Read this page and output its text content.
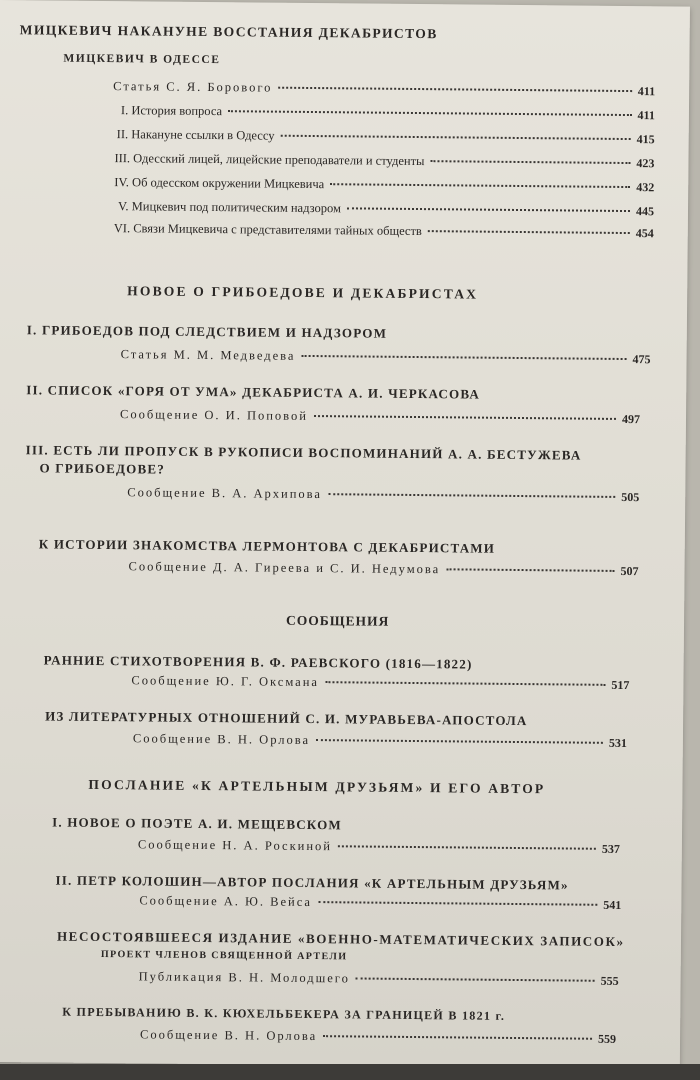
МИЦКЕВИЧ НАКАНУНЕ ВОССТАНИЯ ДЕКАБРИСТОВ
МИЦКЕВИЧ В ОДЕССЕ
Статья С. Я. Борового	411
I. История вопроса	411
II. Накануне ссылки в Одессу	415
III. Одесский лицей, лицейские преподаватели и студенты	423
IV. Об одесском окружении Мицкевича	432
V. Мицкевич под политическим надзором	445
VI. Связи Мицкевича с представителями тайных обществ	454
НОВОЕ О ГРИБОЕДОВЕ И ДЕКАБРИСТАХ
I. ГРИБОЕДОВ ПОД СЛЕДСТВИЕМ И НАДЗОРОМ
Статья М. М. Медведева	475
II. СПИСОК «ГОРЯ ОТ УМА» ДЕКАБРИСТА А. И. ЧЕРКАСОВА
Сообщение О. И. Поповой	497
III. ЕСТЬ ЛИ ПРОПУСК В РУКОПИСИ ВОСПОМИНАНИЙ А. А. БЕСТУЖЕВА
О ГРИБОЕДОВЕ?
Сообщение В. А. Архипова	505
К ИСТОРИИ ЗНАКОМСТВА ЛЕРМОНТОВА С ДЕКАБРИСТАМИ
Сообщение Д. А. Гиреева и С. И. Недумова	507
СООБЩЕНИЯ
РАННИЕ СТИХОТВОРЕНИЯ В. Ф. РАЕВСКОГО (1816—1822)
Сообщение Ю. Г. Оксмана	517
ИЗ ЛИТЕРАТУРНЫХ ОТНОШЕНИЙ С. И. МУРАВЬЕВА-АПОСТОЛА
Сообщение В. Н. Орлова	531
ПОСЛАНИЕ «К АРТЕЛЬНЫМ ДРУЗЬЯМ» И ЕГО АВТОР
I. НОВОЕ О ПОЭТЕ А. И. МЕЩЕВСКОМ
Сообщение Н. А. Роскиной	537
II. ПЕТР КОЛОШИН—АВТОР ПОСЛАНИЯ «К АРТЕЛЬНЫМ ДРУЗЬЯМ»
Сообщение А. Ю. Вейса	541
НЕСОСТОЯВШЕЕСЯ ИЗДАНИЕ «ВОЕННО-МАТЕМАТИЧЕСКИХ ЗАПИСОК»
ПРОЕКТ ЧЛЕНОВ СВЯЩЕННОЙ АРТЕЛИ
Публикация В. Н. Молодшего	555
К ПРЕБЫВАНИЮ В. К. КЮХЕЛЬБЕКЕРА ЗА ГРАНИЦЕЙ В 1821 г.
Сообщение В. Н. Орлова	559
